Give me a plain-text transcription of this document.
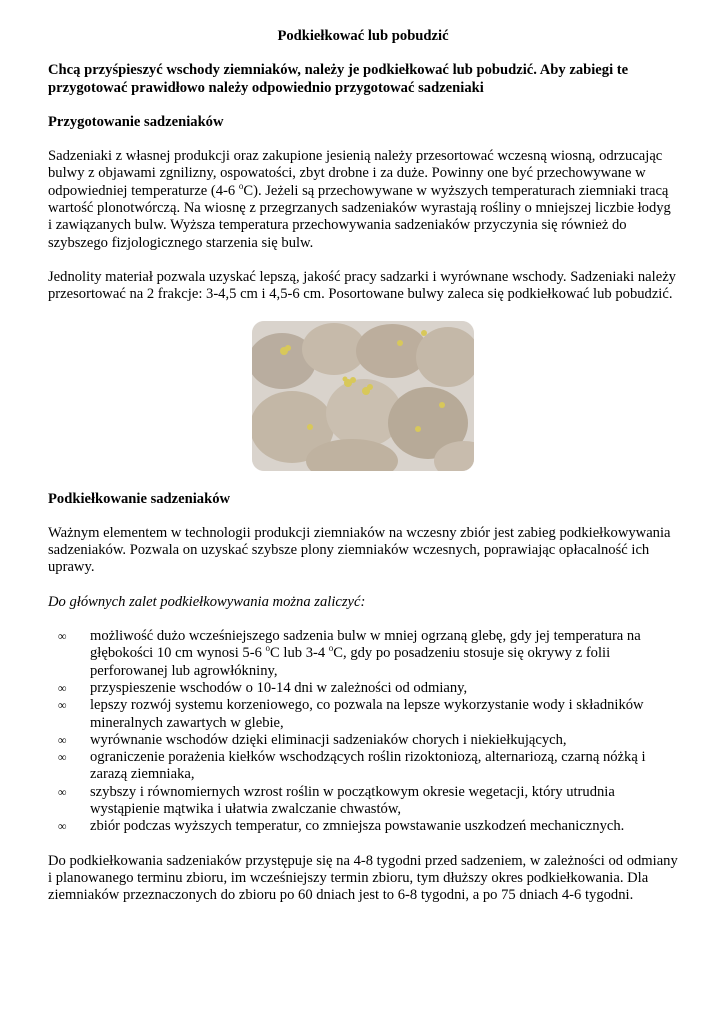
Podkiełkować lub pobudzić

Chcą przyśpieszyć wschody ziemniaków, należy je podkiełkować lub pobudzić. Aby zabiegi te przygotować prawidłowo należy odpowiednio przygotować sadzeniaki

Przygotowanie sadzeniaków

Sadzeniaki z własnej produkcji oraz zakupione jesienią należy przesortować wczesną wiosną, odrzucając bulwy z objawami zgnilizny, ospowatości, zbyt drobne i za duże. Powinny one być przechowywane w odpowiedniej temperaturze (4-6 $^o$C). Jeżeli są przechowywane w wyższych temperaturach ziemniaki tracą wartość plonotwórczą. Na wiosnę z przegrzanych sadzeniaków wyrastają rośliny o mniejszej liczbie łodyg i zawiązanych bulw. Wyższa temperatura przechowywania sadzeniaków przyczynia się również do szybszego fizjologicznego starzenia się bulw.

Jednolity materiał pozwala uzyskać lepszą, jakość pracy sadzarki i wyrównane wschody. Sadzeniaki należy przesortować na 2 frakcje: 3-4,5 cm i 4,5-6 cm. Posortowane bulwy zaleca się podkiełkować lub pobudzić.

Podkiełkowanie sadzeniaków

Ważnym elementem w technologii produkcji ziemniaków na wczesny zbiór jest zabieg podkiełkowywania sadzeniaków. Pozwala on uzyskać szybsze plony ziemniaków wczesnych, poprawiając opłacalność ich uprawy.

Do głównych zalet podkiełkowywania można zaliczyć:

∞ możliwość dużo wcześniejszego sadzenia bulw w mniej ogrzaną glebę, gdy jej temperatura na głębokości 10 cm wynosi 5-6 $^o$C lub 3-4 $^o$C, gdy po posadzeniu stosuje się okrywy z folii perforowanej lub agrowłókniny,
∞ przyspieszenie wschodów o 10-14 dni w zależności od odmiany,
∞ lepszy rozwój systemu korzeniowego, co pozwala na lepsze wykorzystanie wody i składników mineralnych zawartych w glebie,
∞ wyrównanie wschodów dzięki eliminacji sadzeniaków chorych i niekiełkujących,
∞ ograniczenie porażenia kiełków wschodzących roślin rizoktoniozą, alternariozą, czarną nóżką i zarazą ziemniaka,
∞ szybszy i równomiernych wzrost roślin w początkowym okresie wegetacji, który utrudnia wystąpienie mątwika i ułatwia zwalczanie chwastów,
∞ zbiór podczas wyższych temperatur, co zmniejsza powstawanie uszkodzeń mechanicznych.

Do podkiełkowania sadzeniaków przystępuje się na 4-8 tygodni przed sadzeniem, w zależności od odmiany i planowanego terminu zbioru, im wcześniejszy termin zbioru, tym dłuższy okres podkiełkowania. Dla ziemniaków przeznaczonych do zbioru po 60 dniach jest to 6-8 tygodni, a po 75 dniach 4-6 tygodni.
